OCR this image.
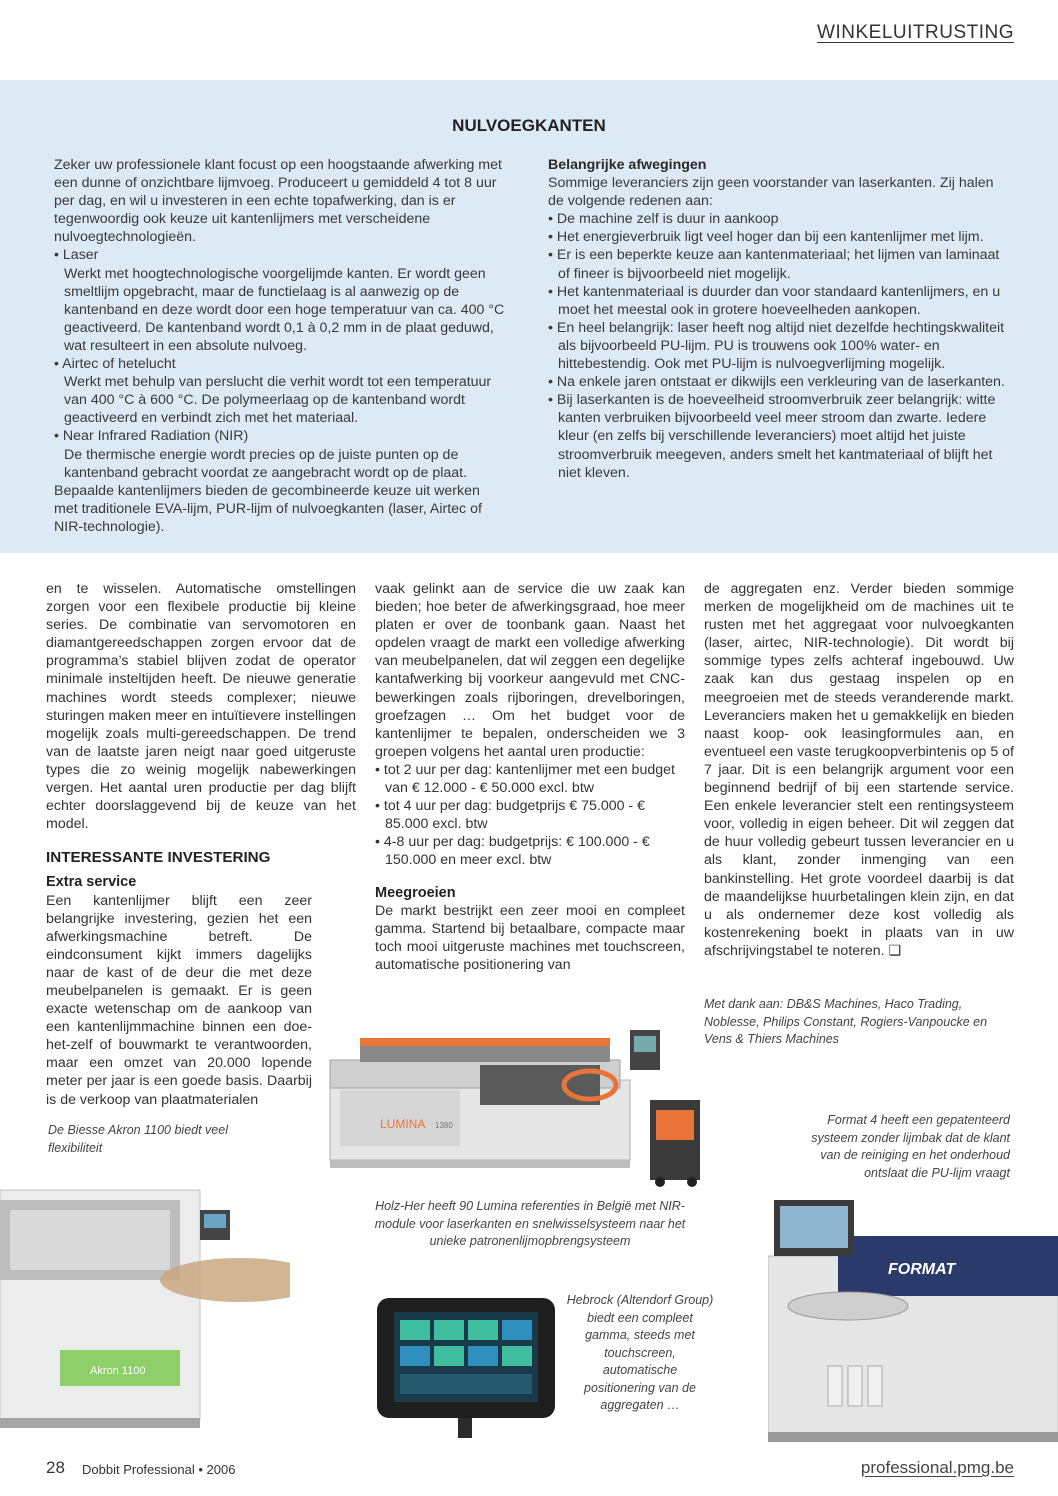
WINKELUITRUSTING
NULVOEGKANTEN
Zeker uw professionele klant focust op een hoogstaande afwerking met een dunne of onzichtbare lijmvoeg. Produceert u gemiddeld 4 tot 8 uur per dag, en wil u investeren in een echte topafwerking, dan is er tegenwoordig ook keuze uit kantenlijmers met verscheidene nulvoegtechnologieën.
• Laser
Werkt met hoogtechnologische voorgelijmde kanten. Er wordt geen smeltlijm opgebracht, maar de functielaag is al aanwezig op de kantenband en deze wordt door een hoge temperatuur van ca. 400 °C geactiveerd. De kantenband wordt 0,1 à 0,2 mm in de plaat geduwd, wat resulteert in een absolute nulvoeg.
• Airtec of hetelucht
Werkt met behulp van perslucht die verhit wordt tot een temperatuur van 400 °C à 600 °C. De polymeerlaag op de kantenband wordt geactiveerd en verbindt zich met het materiaal.
• Near Infrared Radiation (NIR)
De thermische energie wordt precies op de juiste punten op de kantenband gebracht voordat ze aangebracht wordt op de plaat.
Bepaalde kantenlijmers bieden de gecombineerde keuze uit werken met traditionele EVA-lijm, PUR-lijm of nulvoegkanten (laser, Airtec of NIR-technologie).
Belangrijke afwegingen
Sommige leveranciers zijn geen voorstander van laserkanten. Zij halen de volgende redenen aan:
• De machine zelf is duur in aankoop
• Het energieverbruik ligt veel hoger dan bij een kantenlijmer met lijm.
• Er is een beperkte keuze aan kantenmateriaal; het lijmen van laminaat of fineer is bijvoorbeeld niet mogelijk.
• Het kantenmateriaal is duurder dan voor standaard kantenlijmers, en u moet het meestal ook in grotere hoeveelheden aankopen.
• En heel belangrijk: laser heeft nog altijd niet dezelfde hechtingskwaliteit als bijvoorbeeld PU-lijm. PU is trouwens ook 100% water- en hittebestendig. Ook met PU-lijm is nulvoegverlijming mogelijk.
• Na enkele jaren ontstaat er dikwijls een verkleuring van de laserkanten.
• Bij laserkanten is de hoeveelheid stroomverbruik zeer belangrijk: witte kanten verbruiken bijvoorbeeld veel meer stroom dan zwarte. Iedere kleur (en zelfs bij verschillende leveranciers) moet altijd het juiste stroomverbruik meegeven, anders smelt het kantmateriaal of blijft het niet kleven.

en te wisselen. Automatische omstellingen zorgen voor een flexibele productie bij kleine series. De combinatie van servomotoren en diamantgereedschappen zorgen ervoor dat de programma’s stabiel blijven zodat de operator minimale insteltijden heeft. De nieuwe generatie machines wordt steeds complexer; nieuwe sturingen maken meer en intuïtievere instellingen mogelijk zoals multi-gereedschappen. De trend van de laatste jaren neigt naar goed uitgeruste types die zo weinig mogelijk nabewerkingen vergen. Het aantal uren productie per dag blijft echter doorslaggevend bij de keuze van het model.

INTERESSANTE INVESTERING
Extra service

Een kantenlijmer blijft een zeer belangrijke investering, gezien het een afwerkingsmachine betreft. De eindconsument kijkt immers dagelijks naar de kast of de deur die met deze meubelpanelen is gemaakt. Er is geen exacte wetenschap om de aankoop van een kantenlijmmachine binnen een doe-het-zelf of bouwmarkt te verantwoorden, maar een omzet van 20.000 lopende meter per jaar is een goede basis. Daarbij is de verkoop van plaatmaterialen

vaak gelinkt aan de service die uw zaak kan bieden; hoe beter de afwerkingsgraad, hoe meer platen er over de toonbank gaan. Naast het opdelen vraagt de markt een volledige afwerking van meubelpanelen, dat wil zeggen een degelijke kantafwerking bij voorkeur aangevuld met CNC-bewerkingen zoals rijboringen, drevelboringen, groefzagen … Om het budget voor de kantenlijmer te bepalen, onderscheiden we 3 groepen volgens het aantal uren productie:

• tot 2 uur per dag: kantenlijmer met een budget van € 12.000 - € 50.000 excl. btw
• tot 4 uur per dag: budgetprijs € 75.000 - € 85.000 excl. btw
• 4-8 uur per dag: budgetprijs: € 100.000 - € 150.000 en meer excl. btw
Meegroeien

De markt bestrijkt een zeer mooi en compleet gamma. Startend bij betaalbare, compacte maar toch mooi uitgeruste machines met touchscreen, automatische positionering van

de aggregaten enz. Verder bieden sommige merken de mogelijkheid om de machines uit te rusten met het aggregaat voor nulvoegkanten (laser, airtec, NIR-technologie). Dit wordt bij sommige types zelfs achteraf ingebouwd. Uw zaak kan dus gestaag inspelen op en meegroeien met de steeds veranderende markt. Leveranciers maken het u gemakkelijk en bieden naast koop- ook leasingformules aan, en eventueel een vaste terugkoopverbintenis op 5 of 7 jaar. Dit is een belangrijk argument voor een beginnend bedrijf of bij een startende service. Een enkele leverancier stelt een rentingsysteem voor, volledig in eigen beheer. Dit wil zeggen dat de huur volledig gebeurt tussen leverancier en u als klant, zonder inmenging van een bankinstelling. Het grote voordeel daarbij is dat de maandelijkse huurbetalingen klein zijn, en dat u als ondernemer deze kost volledig als kostenrekening boekt in plaats van in uw afschrijvingstabel te noteren. ❑

Met dank aan: DB&S Machines, Haco Trading, Noblesse, Philips Constant, Rogiers-Vanpoucke en Vens & Thiers Machines
LUMINA 1380
Akron 1100
FORMAT
De Biesse Akron 1100 biedt veel flexibiliteit
Holz-Her heeft 90 Lumina referenties in België met NIR-module voor laserkanten en snelwisselsysteem naar het unieke patronenlijmopbrengsysteem
Format 4 heeft een gepatenteerd systeem zonder lijmbak dat de klant van de reiniging en het onderhoud ontslaat die PU-lijm vraagt
Hebrock (Altendorf Group) biedt een compleet gamma, steeds met touchscreen, automatische positionering van de aggregaten …
28 Dobbit Professional • 2006	professional.pmg.be
